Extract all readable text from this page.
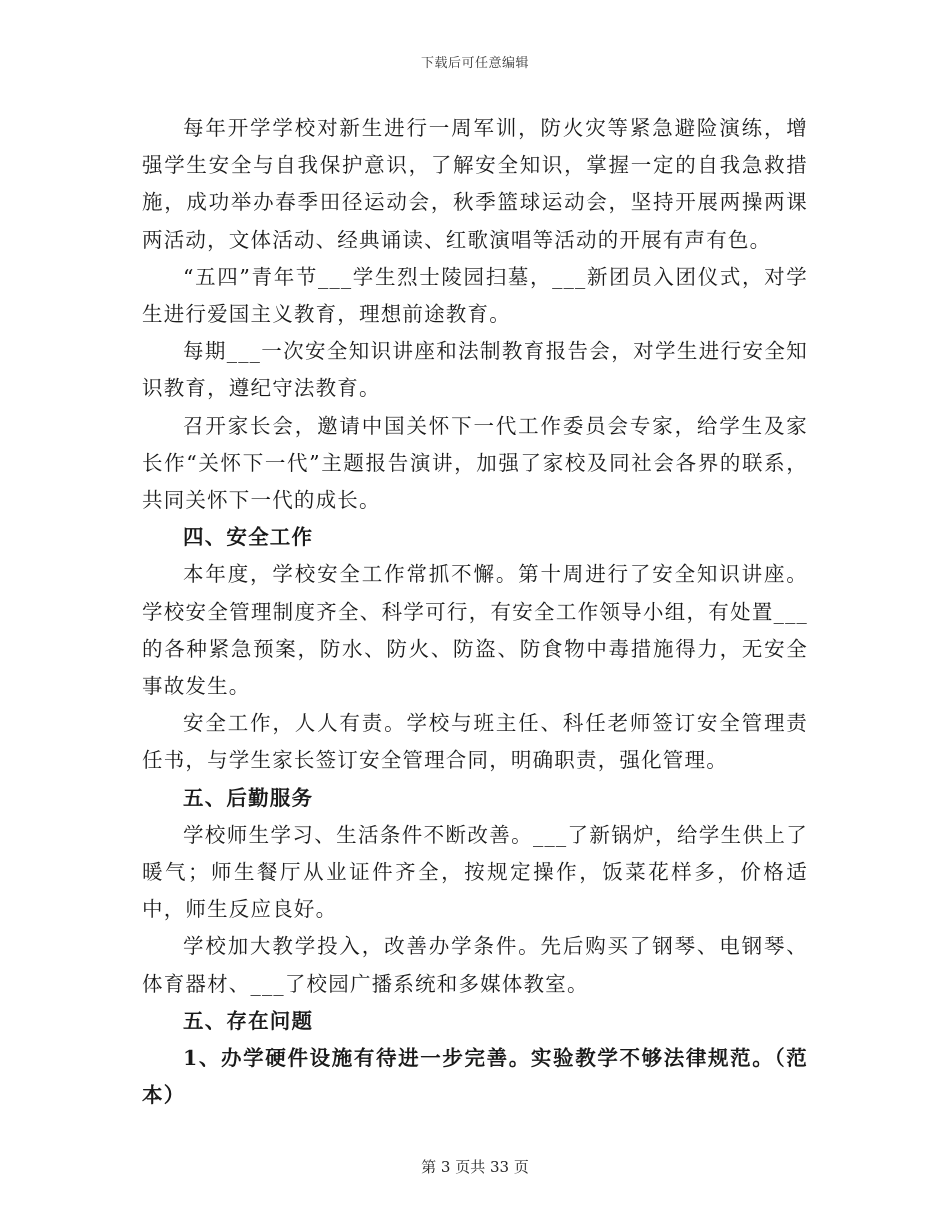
下载后可任意编辑

每年开学学校对新生进行一周军训，防火灾等紧急避险演练，增强学生安全与自我保护意识，了解安全知识，掌握一定的自我急救措施，成功举办春季田径运动会，秋季篮球运动会，坚持开展两操两课两活动，文体活动、经典诵读、红歌演唱等活动的开展有声有色。

“五四”青年节___学生烈士陵园扫墓，___新团员入团仪式，对学生进行爱国主义教育，理想前途教育。

每期___一次安全知识讲座和法制教育报告会，对学生进行安全知识教育，遵纪守法教育。

召开家长会，邀请中国关怀下一代工作委员会专家，给学生及家长作“关怀下一代”主题报告演讲，加强了家校及同社会各界的联系，共同关怀下一代的成长。

四、安全工作

本年度，学校安全工作常抓不懈。第十周进行了安全知识讲座。学校安全管理制度齐全、科学可行，有安全工作领导小组，有处置___的各种紧急预案，防水、防火、防盗、防食物中毒措施得力，无安全事故发生。

安全工作，人人有责。学校与班主任、科任老师签订安全管理责任书，与学生家长签订安全管理合同，明确职责，强化管理。

五、后勤服务

学校师生学习、生活条件不断改善。___了新锅炉，给学生供上了暖气；师生餐厅从业证件齐全，按规定操作，饭菜花样多，价格适中，师生反应良好。

学校加大教学投入，改善办学条件。先后购买了钢琴、电钢琴、体育器材、___了校园广播系统和多媒体教室。

五、存在问题

1、办学硬件设施有待进一步完善。实验教学不够法律规范。（范本）

第 3 页共 33 页
